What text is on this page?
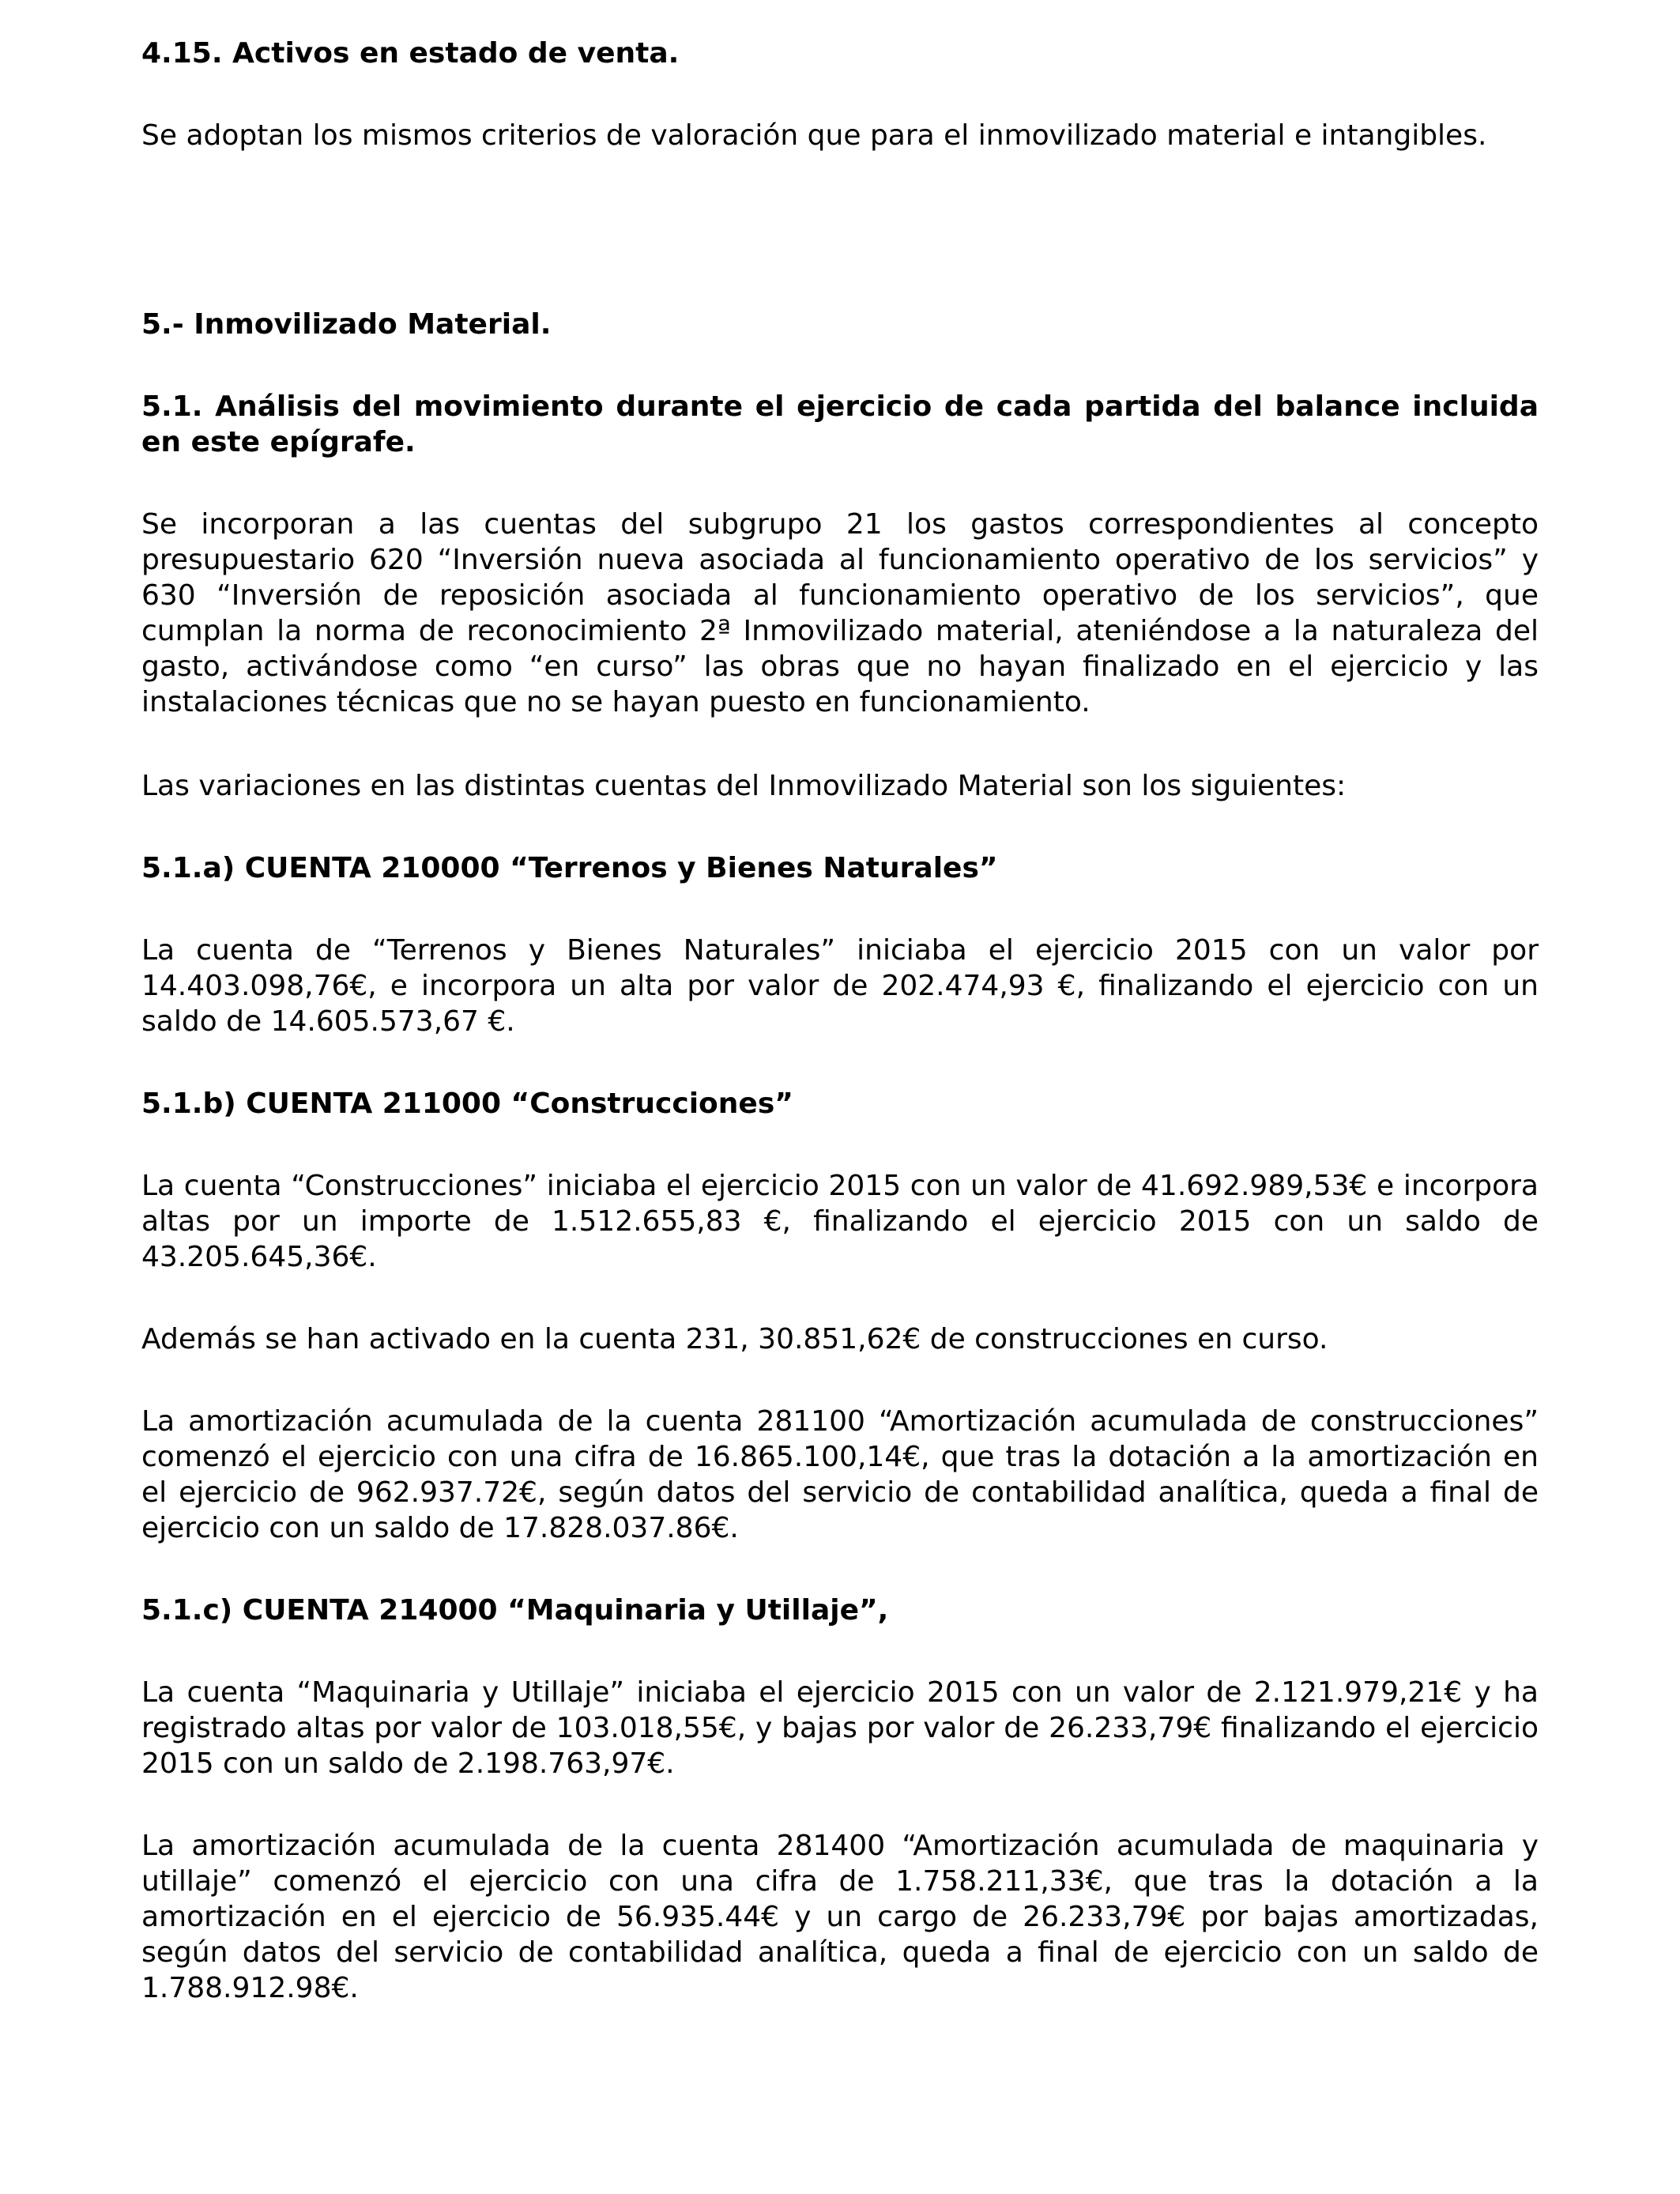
4.15. Activos en estado de venta.

Se adoptan los mismos criterios de valoración que para el inmovilizado material e intangibles.

5.- Inmovilizado Material.

5.1. Análisis del movimiento durante el ejercicio de cada partida del balance incluida en este epígrafe.

Se incorporan a las cuentas del subgrupo 21 los gastos correspondientes al concepto presupuestario 620 “Inversión nueva asociada al funcionamiento operativo de los servicios” y 630 “Inversión de reposición asociada al funcionamiento operativo de los servicios”, que cumplan la norma de reconocimiento 2ª Inmovilizado material, ateniéndose a la naturaleza del gasto, activándose como “en curso” las obras que no hayan finalizado en el ejercicio y las instalaciones técnicas que no se hayan puesto en funcionamiento.

Las variaciones en las distintas cuentas del Inmovilizado Material son los siguientes:

5.1.a) CUENTA 210000 “Terrenos y Bienes Naturales”

La cuenta de “Terrenos y Bienes Naturales” iniciaba el ejercicio 2015 con un valor por 14.403.098,76€, e incorpora un alta por valor de 202.474,93 €, finalizando el ejercicio con un saldo de 14.605.573,67 €.

5.1.b) CUENTA 211000 “Construcciones”

La cuenta “Construcciones” iniciaba el ejercicio 2015 con un valor de 41.692.989,53€ e incorpora altas por un importe de 1.512.655,83 €, finalizando el ejercicio 2015 con un saldo de 43.205.645,36€.

Además se han activado en la cuenta 231, 30.851,62€ de construcciones en curso.

La amortización acumulada de la cuenta 281100 “Amortización acumulada de construcciones” comenzó el ejercicio con una cifra de 16.865.100,14€, que tras la dotación a la amortización en el ejercicio de 962.937.72€, según datos del servicio de contabilidad analítica, queda a final de ejercicio con un saldo de 17.828.037.86€.

5.1.c) CUENTA 214000 “Maquinaria y Utillaje”,

La cuenta “Maquinaria y Utillaje” iniciaba el ejercicio 2015 con un valor de 2.121.979,21€ y ha registrado altas por valor de 103.018,55€, y bajas por valor de 26.233,79€ finalizando el ejercicio 2015 con un saldo de 2.198.763,97€.

La amortización acumulada de la cuenta 281400 “Amortización acumulada de maquinaria y utillaje” comenzó el ejercicio con una cifra de 1.758.211,33€, que tras la dotación a la amortización en el ejercicio de 56.935.44€ y un cargo de 26.233,79€ por bajas amortizadas, según datos del servicio de contabilidad analítica, queda a final de ejercicio con un saldo de 1.788.912.98€.
